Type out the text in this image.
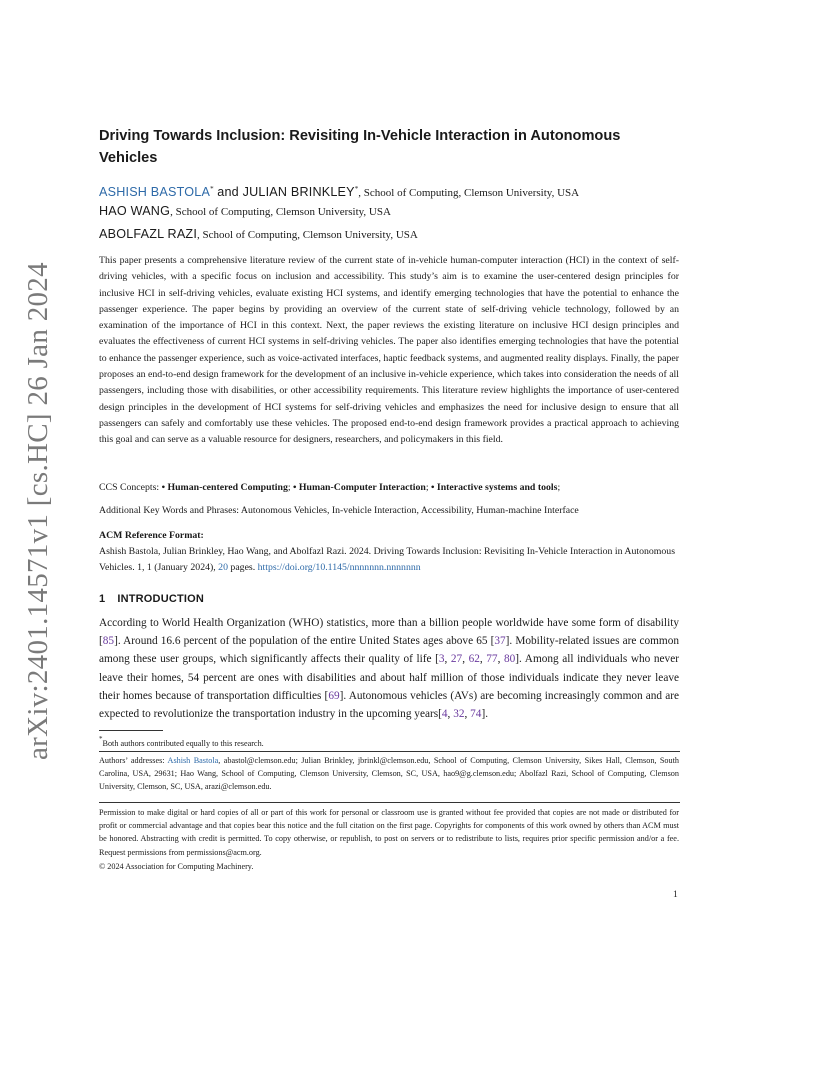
arXiv:2401.14571v1 [cs.HC] 26 Jan 2024
Driving Towards Inclusion: Revisiting In-Vehicle Interaction in Autonomous Vehicles
ASHISH BASTOLA* and JULIAN BRINKLEY*, School of Computing, Clemson University, USA
HAO WANG, School of Computing, Clemson University, USA
ABOLFAZL RAZI, School of Computing, Clemson University, USA

This paper presents a comprehensive literature review of the current state of in-vehicle human-computer interaction (HCI) in the context of self-driving vehicles, with a specific focus on inclusion and accessibility. This study’s aim is to examine the user-centered design principles for inclusive HCI in self-driving vehicles, evaluate existing HCI systems, and identify emerging technologies that have the potential to enhance the passenger experience. The paper begins by providing an overview of the current state of self-driving vehicle technology, followed by an examination of the importance of HCI in this context. Next, the paper reviews the existing literature on inclusive HCI design principles and evaluates the effectiveness of current HCI systems in self-driving vehicles. The paper also identifies emerging technologies that have the potential to enhance the passenger experience, such as voice-activated interfaces, haptic feedback systems, and augmented reality displays. Finally, the paper proposes an end-to-end design framework for the development of an inclusive in-vehicle experience, which takes into consideration the needs of all passengers, including those with disabilities, or other accessibility requirements. This literature review highlights the importance of user-centered design principles in the development of HCI systems for self-driving vehicles and emphasizes the need for inclusive design to ensure that all passengers can safely and comfortably use these vehicles. The proposed end-to-end design framework provides a practical approach to achieving this goal and can serve as a valuable resource for designers, researchers, and policymakers in this field.

CCS Concepts: • Human-centered Computing; • Human-Computer Interaction; • Interactive systems and tools;

Additional Key Words and Phrases: Autonomous Vehicles, In-vehicle Interaction, Accessibility, Human-machine Interface

ACM Reference Format:

Ashish Bastola, Julian Brinkley, Hao Wang, and Abolfazl Razi. 2024. Driving Towards Inclusion: Revisiting In-Vehicle Interaction in Autonomous Vehicles. 1, 1 (January 2024), 20 pages. https://doi.org/10.1145/nnnnnnn.nnnnnnn

1 INTRODUCTION

According to World Health Organization (WHO) statistics, more than a billion people worldwide have some form of disability [85]. Around 16.6 percent of the population of the entire United States ages above 65 [37]. Mobility-related issues are common among these user groups, which significantly affects their quality of life [3, 27, 62, 77, 80]. Among all individuals who never leave their homes, 54 percent are ones with disabilities and about half million of those individuals indicate they never leave their homes because of transportation difficulties [69]. Autonomous vehicles (AVs) are becoming increasingly common and are expected to revolutionize the transportation industry in the upcoming years[4, 32, 74].

*Both authors contributed equally to this research.

Authors’ addresses: Ashish Bastola, abastol@clemson.edu; Julian Brinkley, jbrinkl@clemson.edu, School of Computing, Clemson University, Sikes Hall, Clemson, South Carolina, USA, 29631; Hao Wang, School of Computing, Clemson University, Clemson, SC, USA, hao9@g.clemson.edu; Abolfazl Razi, School of Computing, Clemson University, Clemson, SC, USA, arazi@clemson.edu.

Permission to make digital or hard copies of all or part of this work for personal or classroom use is granted without fee provided that copies are not made or distributed for profit or commercial advantage and that copies bear this notice and the full citation on the first page. Copyrights for components of this work owned by others than ACM must be honored. Abstracting with credit is permitted. To copy otherwise, or republish, to post on servers or to redistribute to lists, requires prior specific permission and/or a fee. Request permissions from permissions@acm.org.

© 2024 Association for Computing Machinery.

1
